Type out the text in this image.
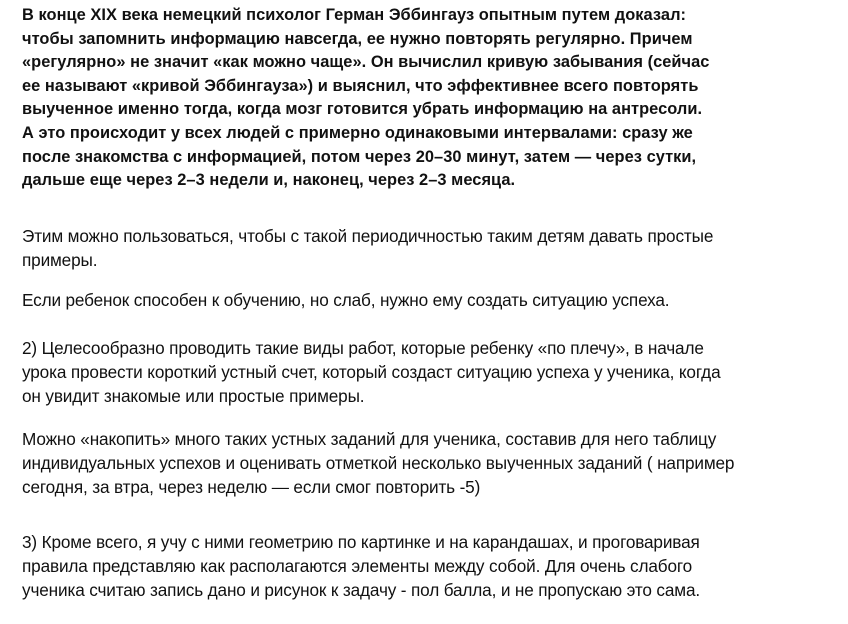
В конце XIX века немецкий психолог Герман Эббингауз опытным путем доказал:
чтобы запомнить информацию навсегда, ее нужно повторять регулярно. Причем
«регулярно» не значит «как можно чаще». Он вычислил кривую забывания (сейчас
ее называют «кривой Эббингауза») и выяснил, что эффективнее всего повторять
выученное именно тогда, когда мозг готовится убрать информацию на антресоли.
А это происходит у всех людей с примерно одинаковыми интервалами: сразу же
после знакомства с информацией, потом через 20–30 минут, затем — через сутки,
дальше еще через 2–3 недели и, наконец, через 2–3 месяца.

Этим можно пользоваться, чтобы с такой периодичностью таким детям давать простые
примеры.

Если ребенок способен к обучению, но слаб, нужно ему создать ситуацию успеха.

2) Целесообразно проводить такие виды работ, которые ребенку «по плечу», в начале
урока провести короткий устный счет, который создаст ситуацию успеха у ученика, когда
он увидит знакомые или простые примеры.

Можно «накопить» много таких устных заданий для ученика, составив для него таблицу
индивидуальных успехов и оценивать отметкой несколько выученных заданий ( например
сегодня, за втра, через неделю — если смог повторить -5)

3) Кроме всего, я учу с ними геометрию по картинке и на карандашах, и проговаривая
правила представляю как располагаются элементы между собой. Для очень слабого
ученика считаю запись дано и рисунок к задачу - пол балла, и не пропускаю это сама.
